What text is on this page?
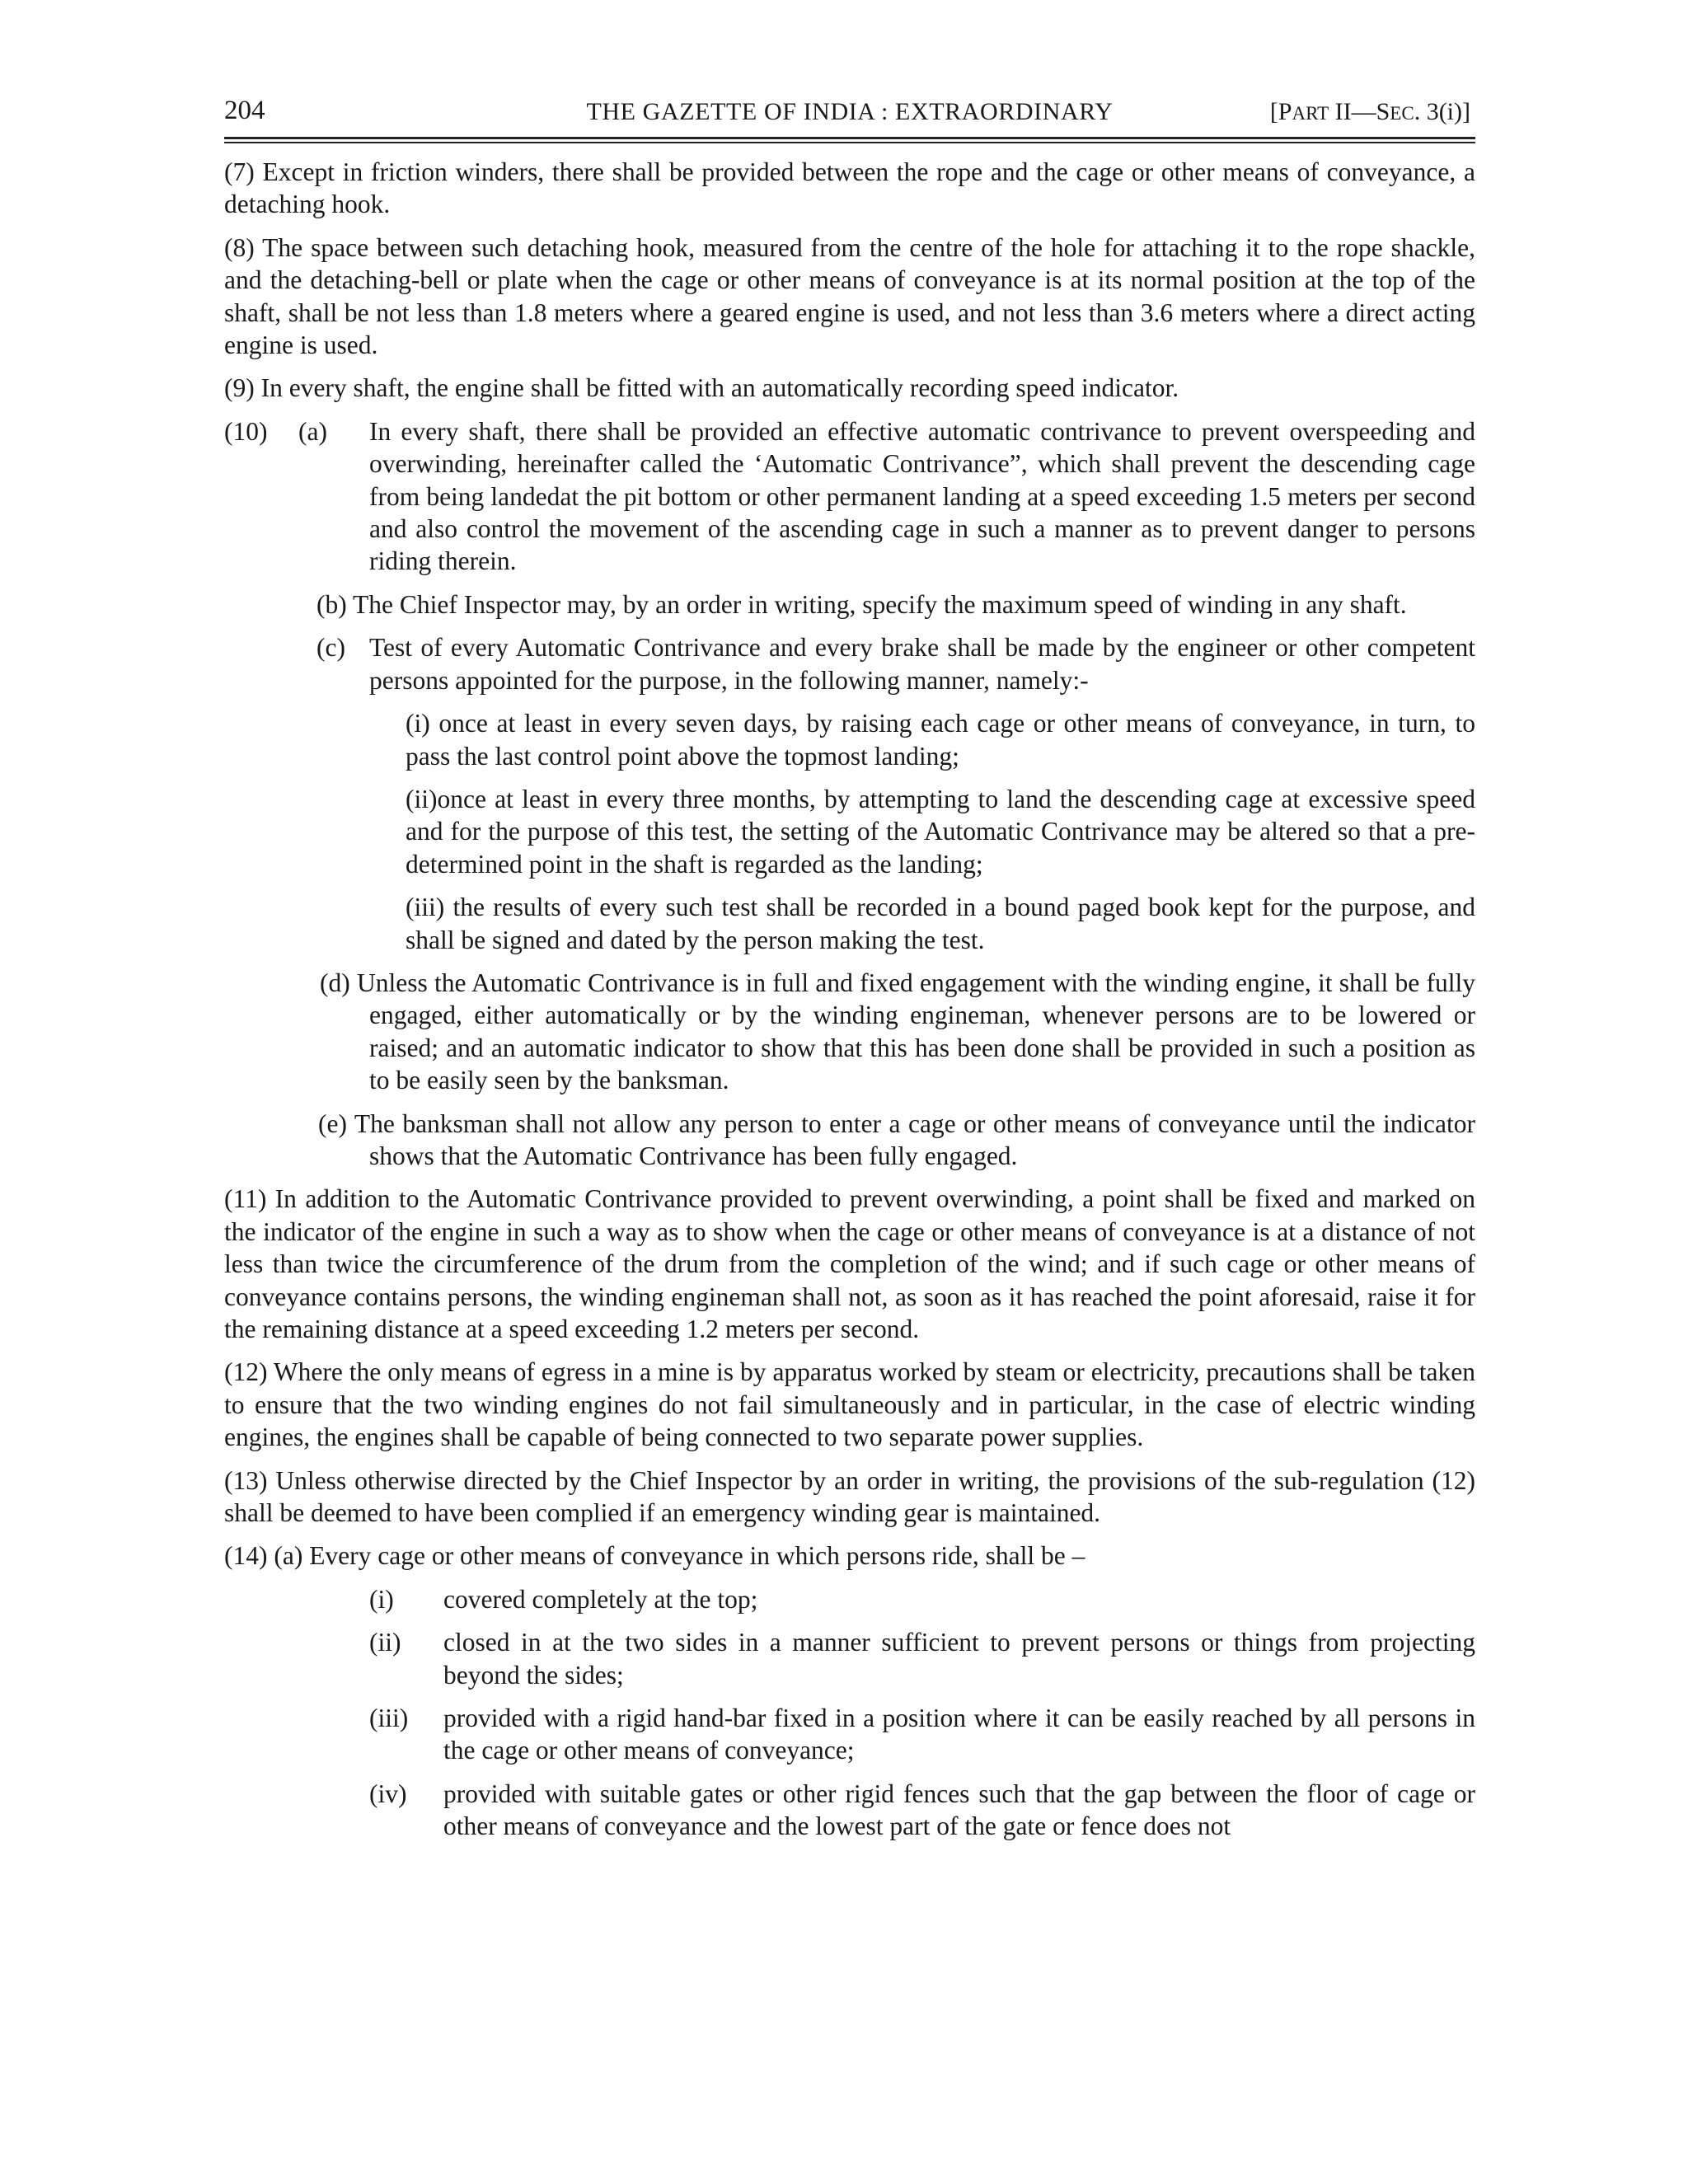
204	THE GAZETTE OF INDIA : EXTRAORDINARY	[PART II—SEC. 3(i)]
(7) Except in friction winders, there shall be provided between the rope and the cage or other means of conveyance, a detaching hook.
(8) The space between such detaching hook, measured from the centre of the hole for attaching it to the rope shackle, and the detaching-bell or plate when the cage or other means of conveyance is at its normal position at the top of the shaft, shall be not less than 1.8 meters where a geared engine is used, and not less than 3.6 meters where a direct acting engine is used.
(9) In every shaft, the engine shall be fitted with an automatically recording speed indicator.
(10)	(a)	In every shaft, there shall be provided an effective automatic contrivance to prevent overspeeding and overwinding, hereinafter called the ‘Automatic Contrivance”, which shall prevent the descending cage from being landedat the pit bottom or other permanent landing at a speed exceeding 1.5 meters per second and also control the movement of the ascending cage in such a manner as to prevent danger to persons riding therein.
(b) The Chief Inspector may, by an order in writing, specify the maximum speed of winding in any shaft.
(c) Test of every Automatic Contrivance and every brake shall be made by the engineer or other competent persons appointed for the purpose, in the following manner, namely:-
(i) once at least in every seven days, by raising each cage or other means of conveyance, in turn, to pass the last control point above the topmost landing;
(ii)once at least in every three months, by attempting to land the descending cage at excessive speed and for the purpose of this test, the setting of the Automatic Contrivance may be altered so that a pre-determined point in the shaft is regarded as the landing;
(iii) the results of every such test shall be recorded in a bound paged book kept for the purpose, and shall be signed and dated by the person making the test.
(d) Unless the Automatic Contrivance is in full and fixed engagement with the winding engine, it shall be fully engaged, either automatically or by the winding engineman, whenever persons are to be lowered or raised; and an automatic indicator to show that this has been done shall be provided in such a position as to be easily seen by the banksman.
(e) The banksman shall not allow any person to enter a cage or other means of conveyance until the indicator shows that the Automatic Contrivance has been fully engaged.
(11) In addition to the Automatic Contrivance provided to prevent overwinding, a point shall be fixed and marked on the indicator of the engine in such a way as to show when the cage or other means of conveyance is at a distance of not less than twice the circumference of the drum from the completion of the wind; and if such cage or other means of conveyance contains persons, the winding engineman shall not, as soon as it has reached the point aforesaid, raise it for the remaining distance at a speed exceeding 1.2 meters per second.
(12) Where the only means of egress in a mine is by apparatus worked by steam or electricity, precautions shall be taken to ensure that the two winding engines do not fail simultaneously and in particular, in the case of electric winding engines, the engines shall be capable of being connected to two separate power supplies.
(13) Unless otherwise directed by the Chief Inspector by an order in writing, the provisions of the sub-regulation (12) shall be deemed to have been complied if an emergency winding gear is maintained.
(14) (a) Every cage or other means of conveyance in which persons ride, shall be –
(i)	covered completely at the top;
(ii)	closed in at the two sides in a manner sufficient to prevent persons or things from projecting beyond the sides;
(iii)	provided with a rigid hand-bar fixed in a position where it can be easily reached by all persons in the cage or other means of conveyance;
(iv)	provided with suitable gates or other rigid fences such that the gap between the floor of cage or other means of conveyance and the lowest part of the gate or fence does not
